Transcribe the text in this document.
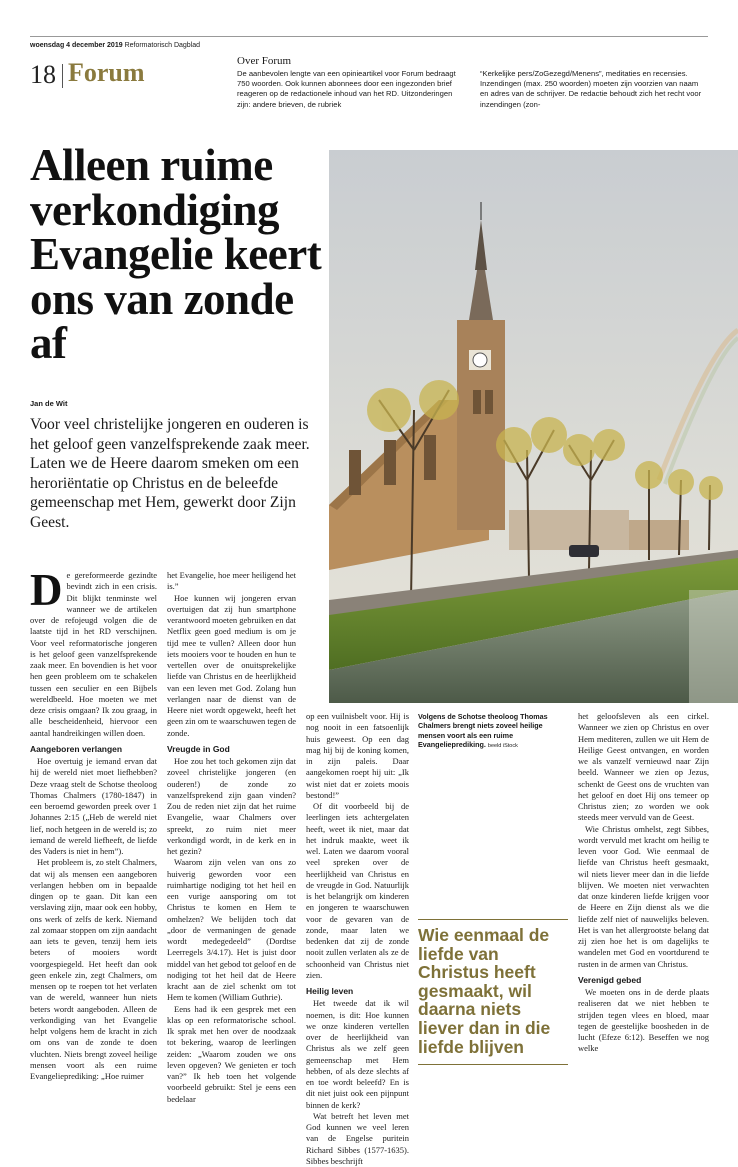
woensdag 4 december 2019 Reformatorisch Dagblad
18 Forum	Over Forum
De aanbevolen lengte van een opinieartikel voor Forum bedraagt 750 woorden. Ook kunnen abonnees door een ingezonden brief reageren op de redactionele inhoud van het RD. Uitzonderingen zijn: andere brieven, de rubriek
“Kerkelijke pers/ZoGezegd/Menens”, meditaties en recensies. Inzendingen (max. 250 woorden) moeten zijn voorzien van naam en adres van de schrijver. De redactie behoudt zich het recht voor inzendingen (zon-
Alleen ruime verkondiging Evangelie keert ons van zonde af
Jan de Wit
Voor veel christelijke jongeren en ouderen is het geloof geen vanzelfsprekende zaak meer. Laten we de Heere daarom smeken om een heroriëntatie op Christus en de beleefde gemeenschap met Hem, gewerkt door Zijn Geest.
Volgens de Schotse theoloog Thomas Chalmers brengt niets zoveel heilige mensen voort als een ruime Evangelieprediking. beeld iStock
Wie eenmaal de liefde van Christus heeft gesmaakt, wil daarna niets liever dan in die liefde blijven

De gereformeerde gezindte bevindt zich in een crisis. Dit blijkt tenminste wel wanneer we de artikelen over de refojeugd volgen die de laatste tijd in het RD verschijnen. Voor veel reformatorische jongeren is het geloof geen vanzelfsprekende zaak meer. En bovendien is het voor hen geen probleem om te schakelen tussen een seculier en een Bijbels wereldbeeld. Hoe moeten we met deze crisis omgaan? Ik zou graag, in alle bescheidenheid, hiervoor een aantal handreikingen willen doen.

Aangeboren verlangen

Hoe overtuig je iemand ervan dat hij de wereld niet moet liefhebben? Deze vraag stelt de Schotse theoloog Thomas Chalmers (1780-1847) in een beroemd geworden preek over 1 Johannes 2:15 („Heb de wereld niet lief, noch hetgeen in de wereld is; zo iemand de wereld liefheeft, de liefde des Vaders is niet in hem”).

Het probleem is, zo stelt Chalmers, dat wij als mensen een aangeboren verlangen hebben om in bepaalde dingen op te gaan. Dit kan een verslaving zijn, maar ook een hobby, ons werk of zelfs de kerk. Niemand zal zomaar stoppen om zijn aandacht aan iets te geven, tenzij hem iets beters of mooiers wordt voorgespiegeld. Het heeft dan ook geen enkele zin, zegt Chalmers, om mensen op te roepen tot het verlaten van de wereld, wanneer hun niets beters wordt aangeboden. Alleen de verkondiging van het Evangelie helpt volgens hem de kracht in zich om ons van de zonde te doen vluchten. Niets brengt zoveel heilige mensen voort als een ruime Evangelieprediking: „Hoe ruimer

het Evangelie, hoe meer heiligend het is.”

Hoe kunnen wij jongeren ervan overtuigen dat zij hun smartphone verantwoord moeten gebruiken en dat Netflix geen goed medium is om je tijd mee te vullen? Alleen door hun iets mooiers voor te houden en hun te vertellen over de onuitsprekelijke liefde van Christus en de heerlijkheid van een leven met God. Zolang hun verlangen naar de dienst van de Heere niet wordt opgewekt, heeft het geen zin om te waarschuwen tegen de zonde.

Vreugde in God

Hoe zou het toch gekomen zijn dat zoveel christelijke jongeren (en ouderen!) de zonde zo vanzelfsprekend zijn gaan vinden? Zou de reden niet zijn dat het ruime Evangelie, waar Chalmers over spreekt, zo ruim niet meer verkondigd wordt, in de kerk en in het gezin?

Waarom zijn velen van ons zo huiverig geworden voor een ruimhartige nodiging tot het heil en een vurige aansporing om tot Christus te komen en Hem te omhelzen? We belijden toch dat „door de vermaningen de genade wordt medegedeeld” (Dordtse Leerregels 3/4.17). Het is juist door middel van het gebod tot geloof en de nodiging tot het heil dat de Heere kracht aan de ziel schenkt om tot Hem te komen (William Guthrie).

Eens had ik een gesprek met een klas op een reformatorische school. Ik sprak met hen over de noodzaak tot bekering, waarop de leerlingen zeiden: „Waarom zouden we ons leven opgeven? We genieten er toch van?” Ik heb toen het volgende voorbeeld gebruikt: Stel je eens een bedelaar

op een vuilnisbelt voor. Hij is nog nooit in een fatsoenlijk huis geweest. Op een dag mag hij bij de koning komen, in zijn paleis. Daar aangekomen roept hij uit: „Ik wist niet dat er zoiets moois bestond!”

Of dit voorbeeld bij de leerlingen iets achtergelaten heeft, weet ik niet, maar dat het indruk maakte, weet ik wel. Laten we daarom vooral veel spreken over de heerlijkheid van Christus en de vreugde in God. Natuurlijk is het belangrijk om kinderen en jongeren te waarschuwen voor de gevaren van de zonde, maar laten we bedenken dat zij de zonde nooit zullen verlaten als ze de schoonheid van Christus niet zien.

Heilig leven

Het tweede dat ik wil noemen, is dit: Hoe kunnen we onze kinderen vertellen over de heerlijkheid van Christus als we zelf geen gemeenschap met Hem hebben, of als deze slechts af en toe wordt beleefd? En is dit niet juist ook een pijnpunt binnen de kerk?

Wat betreft het leven met God kunnen we veel leren van de Engelse puritein Richard Sibbes (1577-1635). Sibbes beschrijft

het geloofsleven als een cirkel. Wanneer we zien op Christus en over Hem mediteren, zullen we uit Hem de Heilige Geest ontvangen, en worden we als vanzelf vernieuwd naar Zijn beeld. Wanneer we zien op Jezus, schenkt de Geest ons de vruchten van het geloof en doet Hij ons temeer op Christus zien; zo worden we ook steeds meer vervuld van de Geest.

Wie Christus omhelst, zegt Sibbes, wordt vervuld met kracht om heilig te leven voor God. Wie eenmaal de liefde van Christus heeft gesmaakt, wil niets liever meer dan in die liefde blijven. We moeten niet verwachten dat onze kinderen liefde krijgen voor de Heere en Zijn dienst als we die liefde zelf niet of nauwelijks beleven. Het is van het allergrootste belang dat zij zien hoe het is om dagelijks te wandelen met God en voortdurend te rusten in de armen van Christus.

Verenigd gebed

We moeten ons in de derde plaats realiseren dat we niet hebben te strijden tegen vlees en bloed, maar tegen de geestelijke boosheden in de lucht (Efeze 6:12). Beseffen we nog welke
